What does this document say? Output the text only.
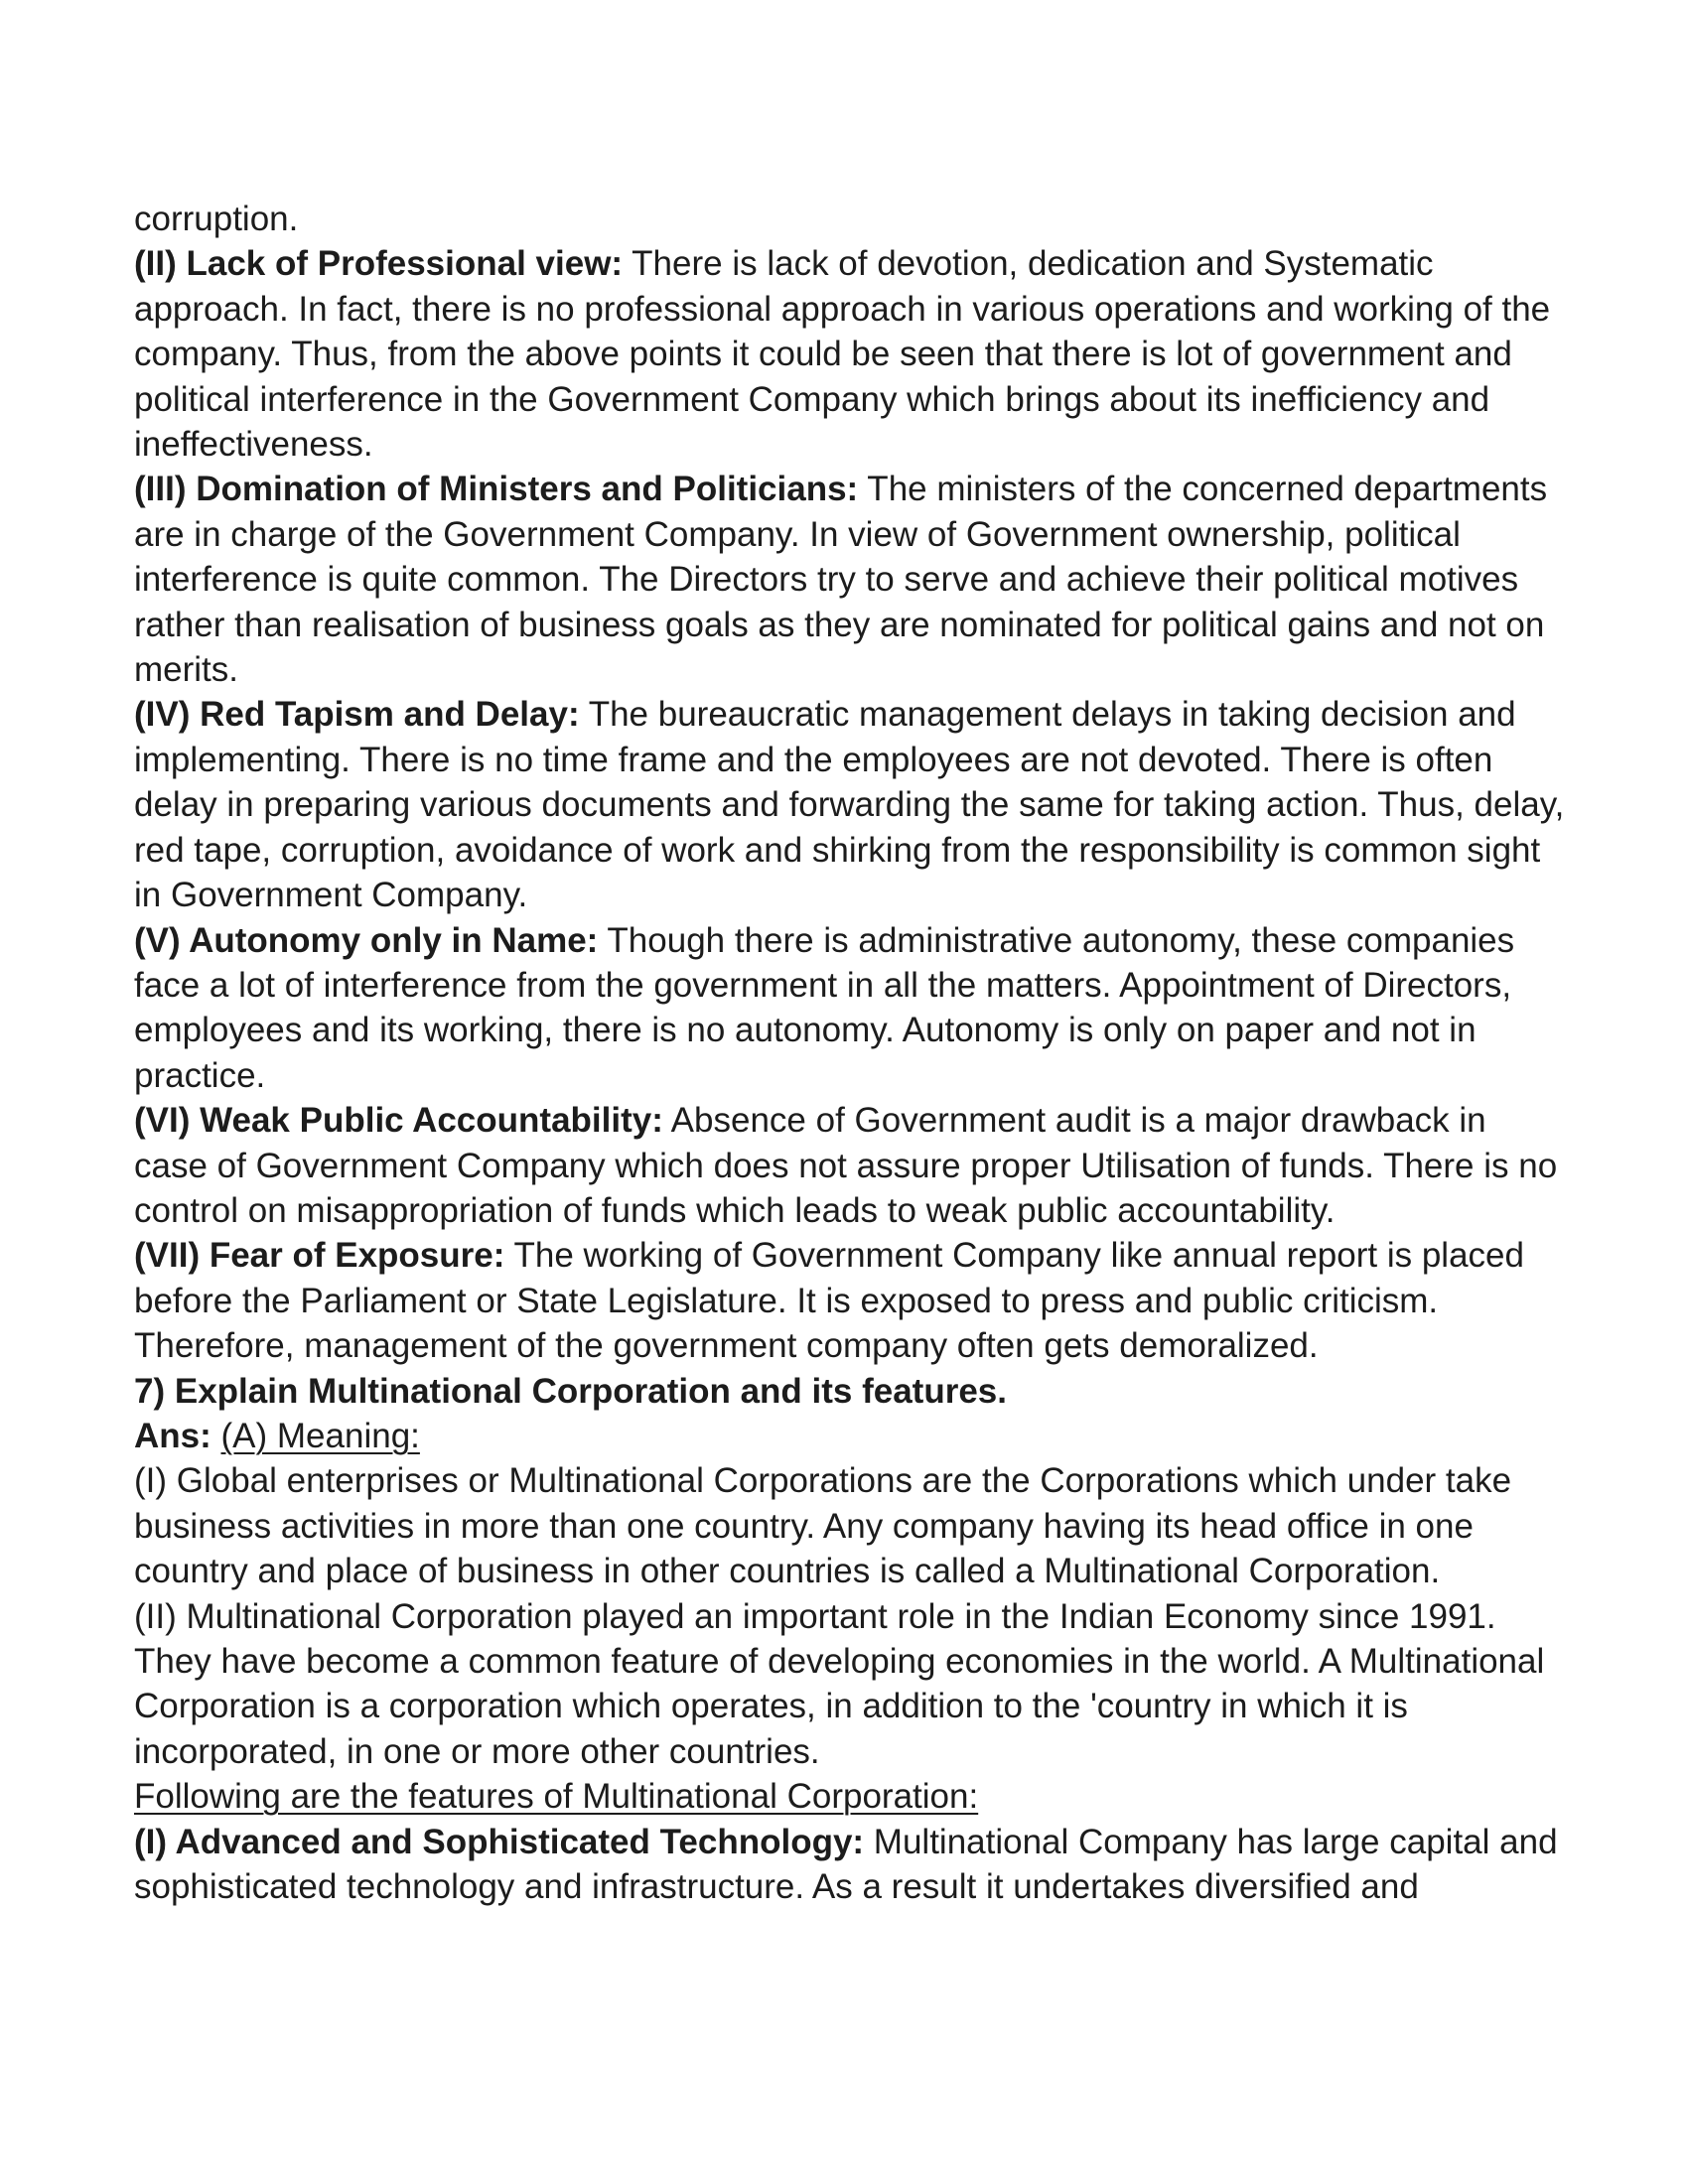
corruption.

(II) Lack of Professional view: There is lack of devotion, dedication and Systematic approach. In fact, there is no professional approach in various operations and working of the company. Thus, from the above points it could be seen that there is lot of government and political interference in the Government Company which brings about its inefficiency and ineffectiveness.

(III) Domination of Ministers and Politicians: The ministers of the concerned departments are in charge of the Government Company. In view of Government ownership, political interference is quite common. The Directors try to serve and achieve their political motives rather than realisation of business goals as they are nominated for political gains and not on merits.

(IV) Red Tapism and Delay: The bureaucratic management delays in taking decision and implementing. There is no time frame and the employees are not devoted. There is often delay in preparing various documents and forwarding the same for taking action. Thus, delay, red tape, corruption, avoidance of work and shirking from the responsibility is common sight in Government Company.

(V) Autonomy only in Name: Though there is administrative autonomy, these companies face a lot of interference from the government in all the matters. Appointment of Directors, employees and its working, there is no autonomy. Autonomy is only on paper and not in practice.

(VI) Weak Public Accountability: Absence of Government audit is a major drawback in case of Government Company which does not assure proper Utilisation of funds. There is no control on misappropriation of funds which leads to weak public accountability.

(VII) Fear of Exposure: The working of Government Company like annual report is placed before the Parliament or State Legislature. It is exposed to press and public criticism. Therefore, management of the government company often gets demoralized.

7) Explain Multinational Corporation and its features.

Ans: (A) Meaning:

(I) Global enterprises or Multinational Corporations are the Corporations which under take business activities in more than one country. Any company having its head office in one country and place of business in other countries is called a Multinational Corporation.

(II) Multinational Corporation played an important role in the Indian Economy since 1991. They have become a common feature of developing economies in the world. A Multinational Corporation is a corporation which operates, in addition to the 'country in which it is incorporated, in one or more other countries.

Following are the features of Multinational Corporation:

(I) Advanced and Sophisticated Technology: Multinational Company has large capital and sophisticated technology and infrastructure. As a result it undertakes diversified and
